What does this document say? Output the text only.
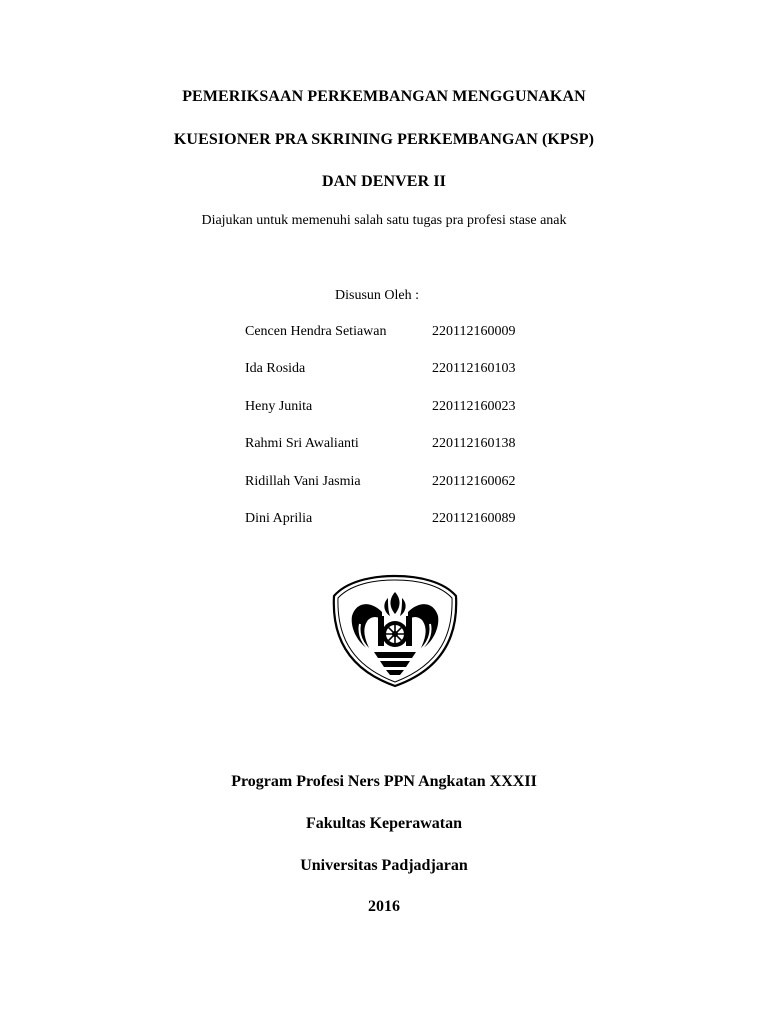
PEMERIKSAAN PERKEMBANGAN MENGGUNAKAN
KUESIONER PRA SKRINING PERKEMBANGAN (KPSP)
DAN DENVER II
Diajukan untuk memenuhi salah satu tugas pra profesi stase anak
Disusun Oleh :
Cencen Hendra Setiawan	220112160009
Ida Rosida	220112160103
Heny Junita	220112160023
Rahmi Sri Awalianti	220112160138
Ridillah Vani Jasmia	220112160062
Dini Aprilia	220112160089
Program Profesi Ners PPN Angkatan XXXII
Fakultas Keperawatan
Universitas Padjadjaran
2016
